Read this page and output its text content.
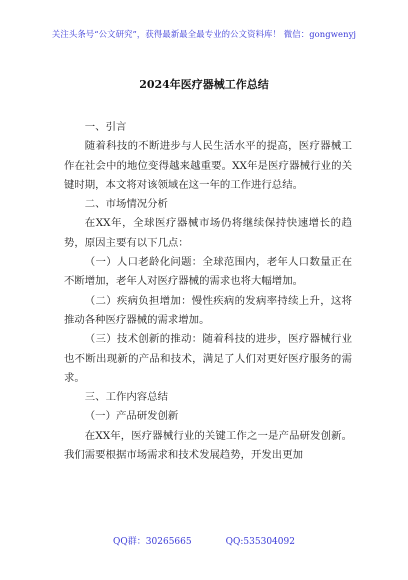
关注头条号“公文研究”，获得最新最全最专业的公文资料库！ 微信：gongwenyj
2024年医疗器械工作总结

一、引言

随着科技的不断进步与人民生活水平的提高，医疗器械工作在社会中的地位变得越来越重要。XX年是医疗器械行业的关键时期，本文将对该领域在这一年的工作进行总结。

二、市场情况分析

在XX年，全球医疗器械市场仍将继续保持快速增长的趋势，原因主要有以下几点：

（一）人口老龄化问题：全球范围内，老年人口数量正在不断增加，老年人对医疗器械的需求也将大幅增加。

（二）疾病负担增加：慢性疾病的发病率持续上升，这将推动各种医疗器械的需求增加。

（三）技术创新的推动：随着科技的进步，医疗器械行业也不断出现新的产品和技术，满足了人们对更好医疗服务的需求。

三、工作内容总结

（一）产品研发创新

在XX年，医疗器械行业的关键工作之一是产品研发创新。我们需要根据市场需求和技术发展趋势，开发出更加

QQ群：30265665	QQ:535304092
